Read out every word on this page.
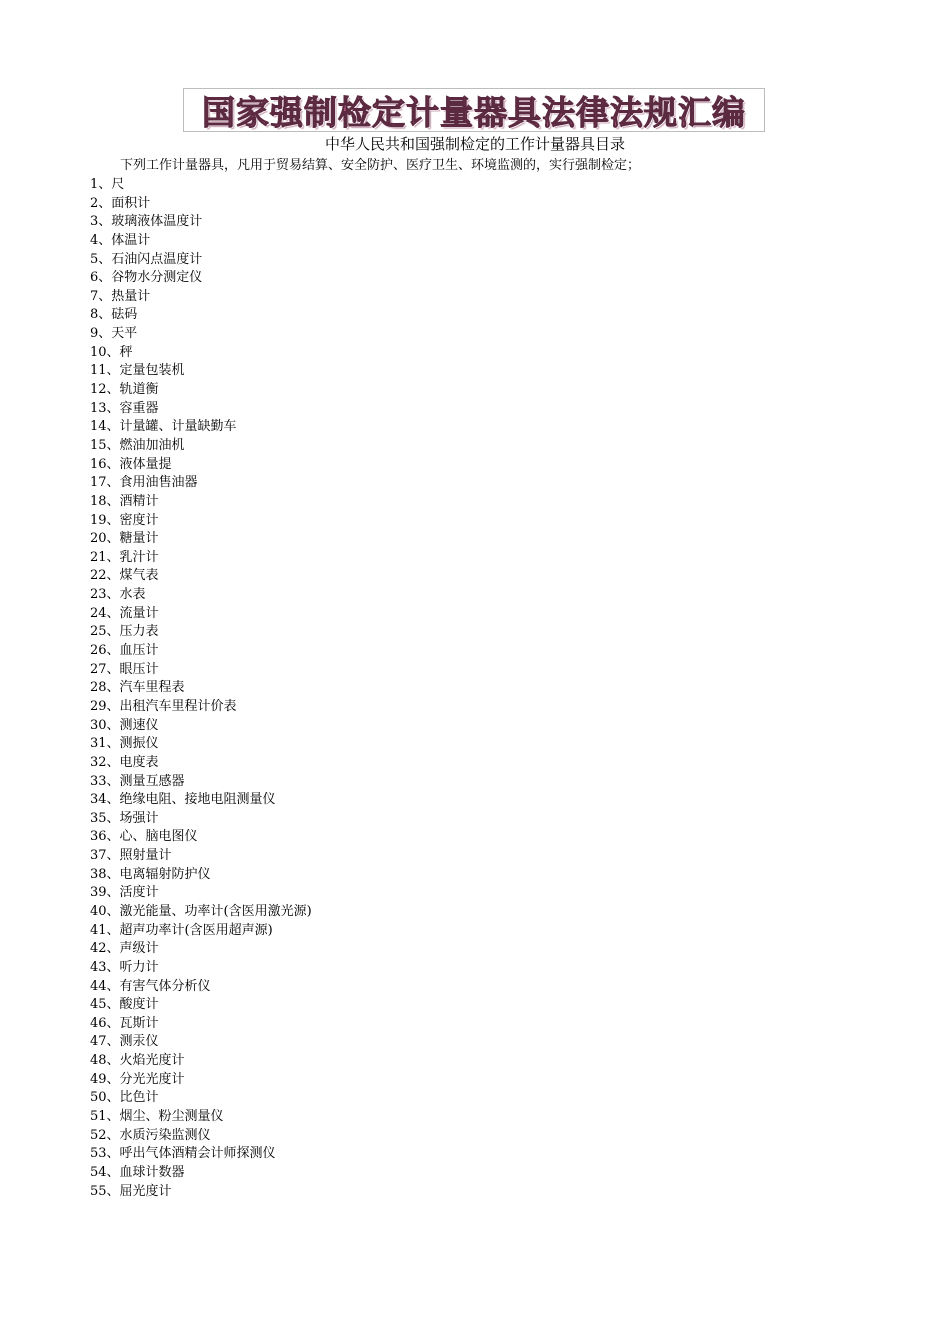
国家强制检定计量器具法律法规汇编
中华人民共和国强制检定的工作计量器具目录
下列工作计量器具，凡用于贸易结算、安全防护、医疗卫生、环境监测的，实行强制检定；
1、尺
2、面积计
3、玻璃液体温度计
4、体温计
5、石油闪点温度计
6、谷物水分测定仪
7、热量计
8、砝码
9、天平
10、秤
11、定量包装机
12、轨道衡
13、容重器
14、计量罐、计量缺勤车
15、燃油加油机
16、液体量提
17、食用油售油器
18、酒精计
19、密度计
20、糖量计
21、乳汁计
22、煤气表
23、水表
24、流量计
25、压力表
26、血压计
27、眼压计
28、汽车里程表
29、出租汽车里程计价表
30、测速仪
31、测振仪
32、电度表
33、测量互感器
34、绝缘电阻、接地电阻测量仪
35、场强计
36、心、脑电图仪
37、照射量计
38、电离辐射防护仪
39、活度计
40、激光能量、功率计(含医用激光源)
41、超声功率计(含医用超声源)
42、声级计
43、听力计
44、有害气体分析仪
45、酸度计
46、瓦斯计
47、测汞仪
48、火焰光度计
49、分光光度计
50、比色计
51、烟尘、粉尘测量仪
52、水质污染监测仪
53、呼出气体酒精会计师探测仪
54、血球计数器
55、屈光度计
